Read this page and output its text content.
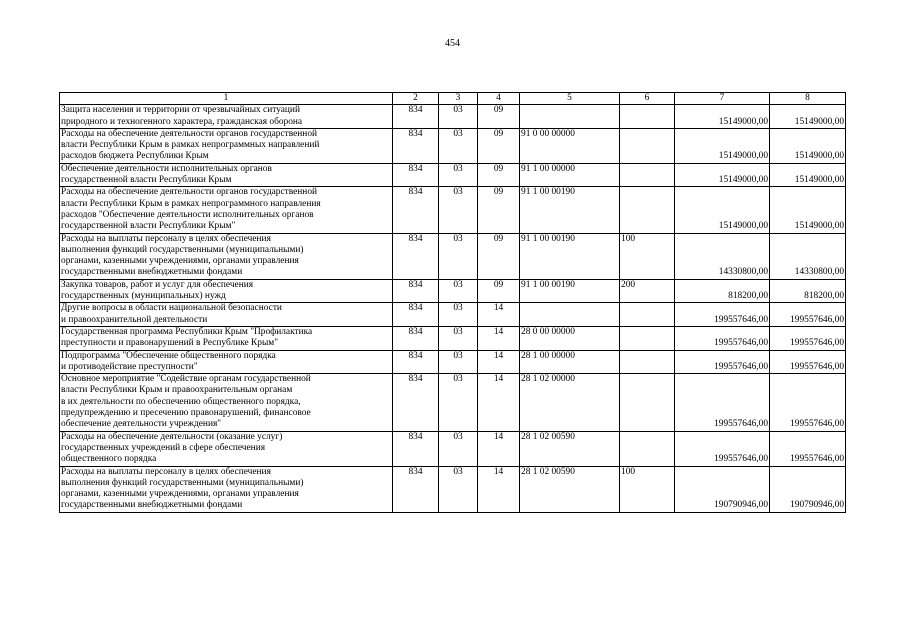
454
1	2	3	4	5	6	7	8

Защита населения и территории от чрезвычайных ситуаций
природного и техногенного характера, гражданская оборона	834	03	09			15149000,00	15149000,00

Расходы на обеспечение деятельности органов государственной
власти Республики Крым в рамках непрограммных направлений
расходов бюджета Республики Крым	834	03	09	91 0 00 00000		15149000,00	15149000,00

Обеспечение деятельности исполнительных органов
государственной власти Республики Крым	834	03	09	91 1 00 00000		15149000,00	15149000,00

Расходы на обеспечение деятельности органов государственной
власти Республики Крым в рамках непрограммного направления
расходов "Обеспечение деятельности исполнительных органов
государственной власти Республики Крым"	834	03	09	91 1 00 00190		15149000,00	15149000,00

Расходы на выплаты персоналу в целях обеспечения
выполнения функций государственными (муниципальными)
органами, казенными учреждениями, органами управления
государственными внебюджетными фондами	834	03	09	91 1 00 00190	100	14330800,00	14330800,00

Закупка товаров, работ и услуг для обеспечения
государственных (муниципальных) нужд	834	03	09	91 1 00 00190	200	818200,00	818200,00

Другие вопросы в области национальной безопасности
и правоохранительной деятельности	834	03	14			199557646,00	199557646,00

Государственная программа Республики Крым "Профилактика
преступности и правонарушений в Республике Крым"	834	03	14	28 0 00 00000		199557646,00	199557646,00

Подпрограмма "Обеспечение общественного порядка
и противодействие преступности"	834	03	14	28 1 00 00000		199557646,00	199557646,00

Основное мероприятие "Содействие органам государственной
власти Республики Крым и правоохранительным органам
в их деятельности по обеспечению общественного порядка,
предупреждению и пресечению правонарушений, финансовое
обеспечение деятельности учреждения"	834	03	14	28 1 02 00000		199557646,00	199557646,00

Расходы на обеспечение деятельности (оказание услуг)
государственных учреждений в сфере обеспечения
общественного порядка	834	03	14	28 1 02 00590		199557646,00	199557646,00

Расходы на выплаты персоналу в целях обеспечения
выполнения функций государственными (муниципальными)
органами, казенными учреждениями, органами управления
государственными внебюджетными фондами	834	03	14	28 1 02 00590	100	190790946,00	190790946,00
